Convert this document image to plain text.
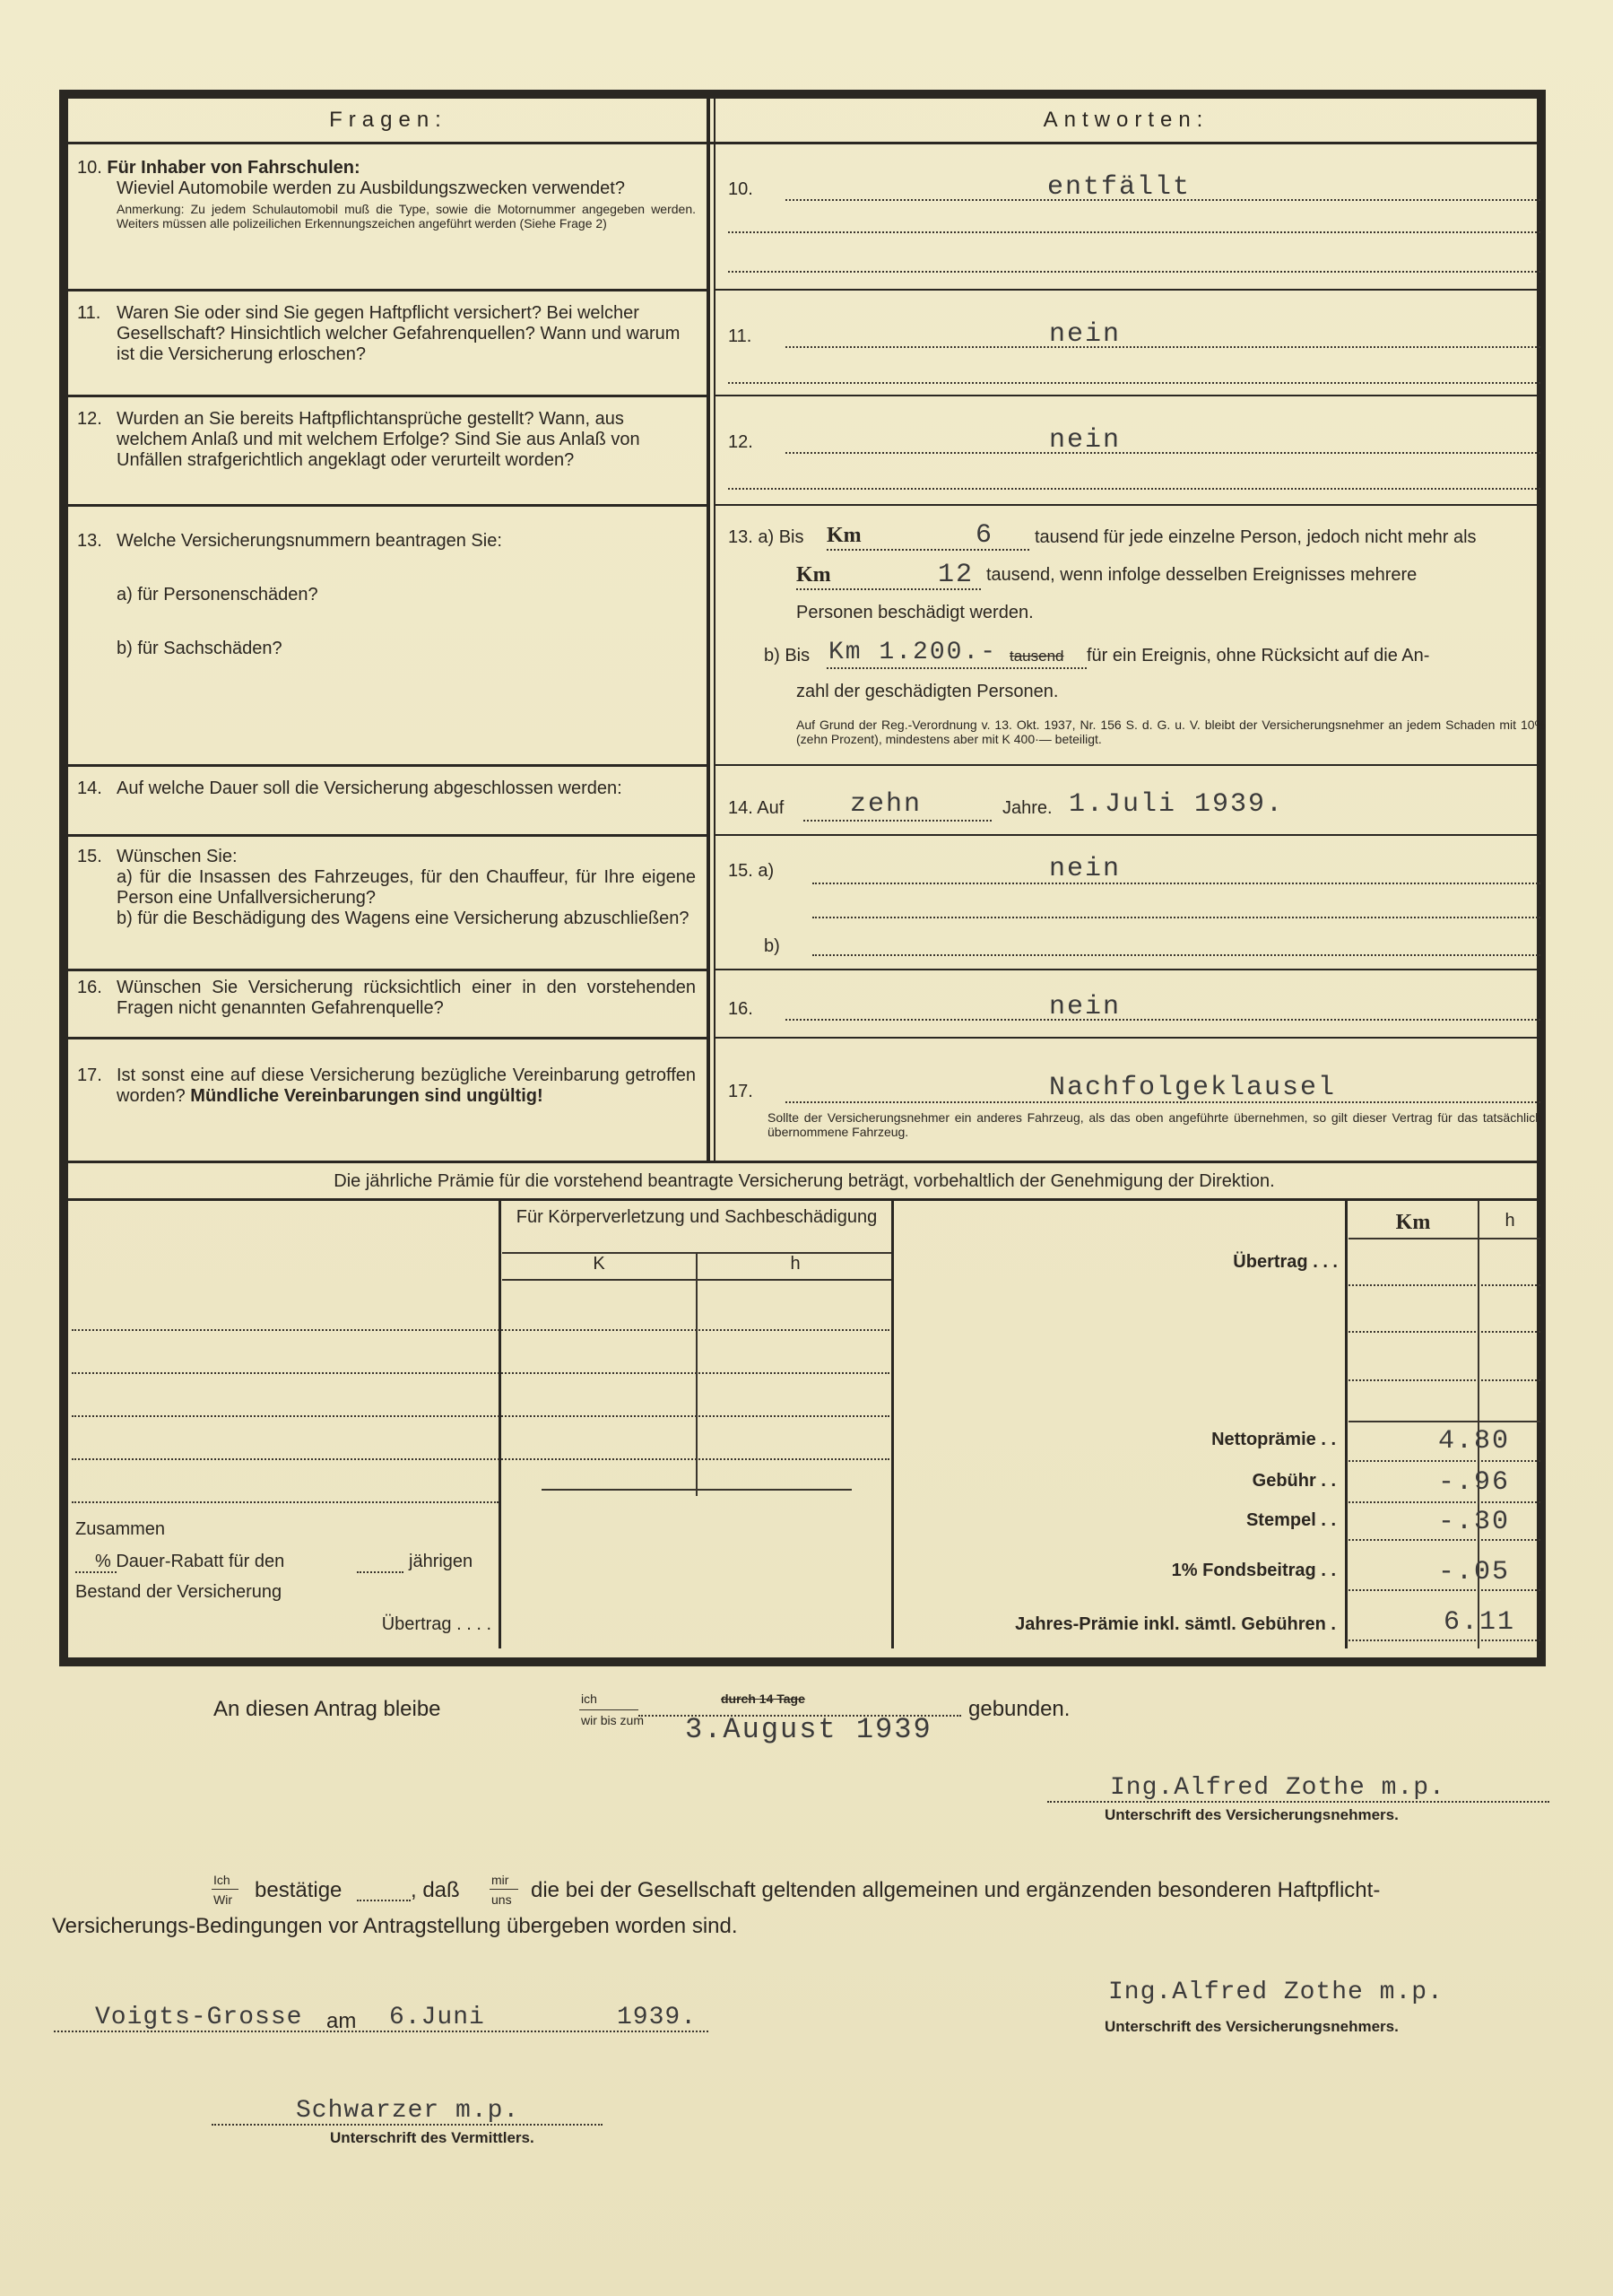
Fragen:	Antworten:
10. Für Inhaber von Fahrschulen:
Wieviel Automobile werden zu Ausbildungszwecken verwendet?
Anmerkung: Zu jedem Schulautomobil muß die Type, sowie die Motornummer angegeben werden. Weiters müssen alle polizeilichen Erkennungszeichen angeführt werden (Siehe Frage 2)
10.	entfällt
11. Waren Sie oder sind Sie gegen Haftpflicht versichert? Bei welcher Gesellschaft? Hinsichtlich welcher Gefahrenquellen? Wann und warum ist die Versicherung erloschen?
11.	nein
12. Wurden an Sie bereits Haftpflichtansprüche gestellt? Wann, aus welchem Anlaß und mit welchem Erfolge? Sind Sie aus Anlaß von Unfällen strafgerichtlich angeklagt oder verurteilt worden?
12.	nein
13. Welche Versicherungsnummern beantragen Sie:
a) für Personenschäden?
b) für Sachschäden?
13. a) Bis Km	6 tausend für jede einzelne Person, jedoch nicht mehr als
Km	12 tausend, wenn infolge desselben Ereignisses mehrere
Personen beschädigt werden.
b) Bis Km 1.200.- tausend für ein Ereignis, ohne Rücksicht auf die An-
zahl der geschädigten Personen.
Auf Grund der Reg.-Verordnung v. 13. Okt. 1937, Nr. 156 S. d. G. u. V. bleibt der Versicherungsnehmer an jedem Schaden mit 10% (zehn Prozent), mindestens aber mit K 400·— beteiligt.
14. Auf welche Dauer soll die Versicherung abgeschlossen werden:
14. Auf zehn	Jahre. 1.Juli 1939.
15. Wünschen Sie:
a) für die Insassen des Fahrzeuges, für den Chauffeur, für Ihre eigene Person eine Unfallversicherung?
b) für die Beschädigung des Wagens eine Versicherung abzuschließen?
15. a)	nein
b)
16. Wünschen Sie Versicherung rücksichtlich einer in den vorstehenden Fragen nicht genannten Gefahrenquelle?	16.	nein
17. Ist sonst eine auf diese Versicherung bezügliche Vereinbarung getroffen worden? Mündliche Vereinbarungen sind ungültig!	17.	Nachfolgeklausel
Sollte der Versicherungsnehmer ein anderes Fahrzeug, als das oben angeführte übernehmen, so gilt dieser Vertrag für das tatsächlich übernommene Fahrzeug.
Die jährliche Prämie für die vorstehend beantragte Versicherung beträgt, vorbehaltlich der Genehmigung der Direktion.
Für Körperverletzung und Sachbeschädigung
K	h
Zusammen
% Dauer-Rabatt für den	jährigen
Bestand der Versicherung
Übertrag . . . .
Km	h
Übertrag . . .
Nettoprämie . .	4.80
Gebühr . .	-.96
Stempel . .	-.30
1% Fondsbeitrag . .	-.05
Jahres-Prämie inkl. sämtl. Gebühren .	6.11
An diesen Antrag bleibe	ich
wir bis zum
durch 14 Tage
3.August 1939
gebunden.
Ing.Alfred Zothe m.p.
Unterschrift des Versicherungsnehmers.
Ich
Wir bestätige	, daß	mir
uns die bei der Gesellschaft geltenden allgemeinen und ergänzenden besonderen Haftpflicht-
Versicherungs-Bedingungen vor Antragstellung übergeben worden sind.
Voigts-Grosse am 6.Juni	1939.
Ing.Alfred Zothe m.p.
Unterschrift des Versicherungsnehmers.
Schwarzer m.p.
Unterschrift des Vermittlers.
